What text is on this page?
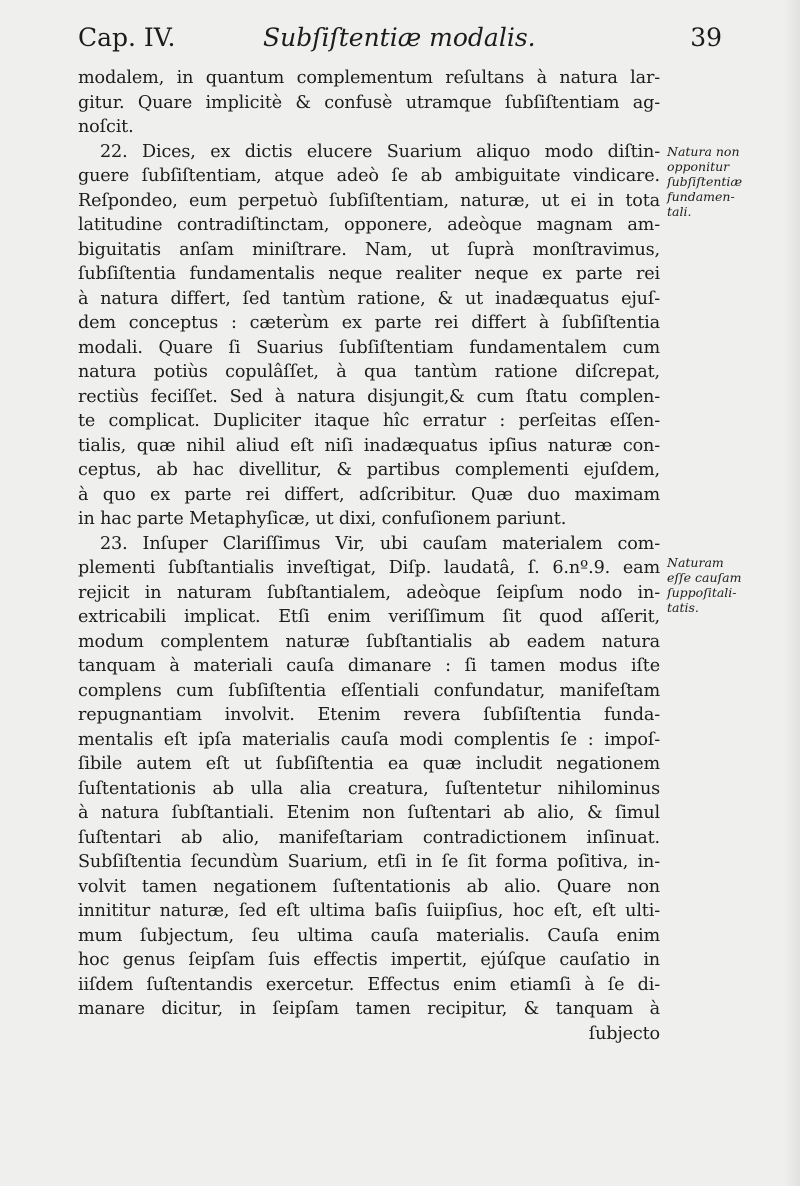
Cap. IV.	Subſiſtentiæ modalis.	39
modalem, in quantum complementum reſultans à natura lar-
gitur. Quare implicitè & confusè utramque ſubſiſtentiam ag-
noſcit.
22. Dices, ex dictis elucere Suarium aliquo modo diſtin-
guere ſubſiſtentiam, atque adeò ſe ab ambiguitate vindicare.
Reſpondeo, eum perpetuò ſubſiſtentiam, naturæ, ut ei in tota
latitudine contradiſtinctam, opponere, adeòque magnam am-
biguitatis anſam miniſtrare. Nam, ut ſuprà monſtravimus,
ſubſiſtentia fundamentalis neque realiter neque ex parte rei
à natura differt, ſed tantùm ratione, & ut inadæquatus ejuſ-
dem conceptus : cæterùm ex parte rei differt à ſubſiſtentia
modali. Quare ſi Suarius ſubſiſtentiam fundamentalem cum
natura potiùs copulâſſet, à qua tantùm ratione diſcrepat,
rectiùs feciſſet. Sed à natura disjungit,& cum ſtatu complen-
te complicat. Dupliciter itaque hîc erratur : perſeitas eſſen-
tialis, quæ nihil aliud eſt niſi inadæquatus ipſius naturæ con-
ceptus, ab hac divellitur, & partibus complementi ejuſdem,
à quo ex parte rei differt, adſcribitur. Quæ duo maximam
in hac parte Metaphyſicæ, ut dixi, confuſionem pariunt.
23. Inſuper Clariſſimus Vir, ubi cauſam materialem com-
plementi ſubſtantialis inveſtigat, Diſp. laudatâ, ſ. 6.nº.9. eam
rejicit in naturam ſubſtantialem, adeòque ſeipſum nodo in-
extricabili implicat. Etſi enim veriſſimum ſit quod aſſerit,
modum complentem naturæ ſubſtantialis ab eadem natura
tanquam à materiali cauſa dimanare : ſi tamen modus iſte
complens cum ſubſiſtentia eſſentiali confundatur, manifeſtam
repugnantiam involvit. Etenim revera ſubſiſtentia funda-
mentalis eſt ipſa materialis cauſa modi complentis ſe : impoſ-
ſibile autem eſt ut ſubſiſtentia ea quæ includit negationem
ſuſtentationis ab ulla alia creatura, ſuſtentetur nihilominus
à natura ſubſtantiali. Etenim non ſuſtentari ab alio, & ſimul
ſuſtentari ab alio, manifeſtariam contradictionem inſinuat.
Subſiſtentia ſecundùm Suarium, etſi in ſe ſit forma poſitiva, in-
volvit tamen negationem ſuſtentationis ab alio. Quare non
innititur naturæ, ſed eſt ultima baſis ſuiipſius, hoc eſt, eſt ulti-
mum ſubjectum, ſeu ultima cauſa materialis. Cauſa enim
hoc genus ſeipſam ſuis effectis impertit, ejúſque cauſatio in
iiſdem ſuſtentandis exercetur. Effectus enim etiamſi à ſe di-
manare dicitur, in ſeipſam tamen recipitur, & tanquam à
ſubjecto
Natura non
opponitur
ſubſiſtentiæ
fundamen-
tali.
Naturam
eſſe cauſam
ſuppoſitali-
tatis.
